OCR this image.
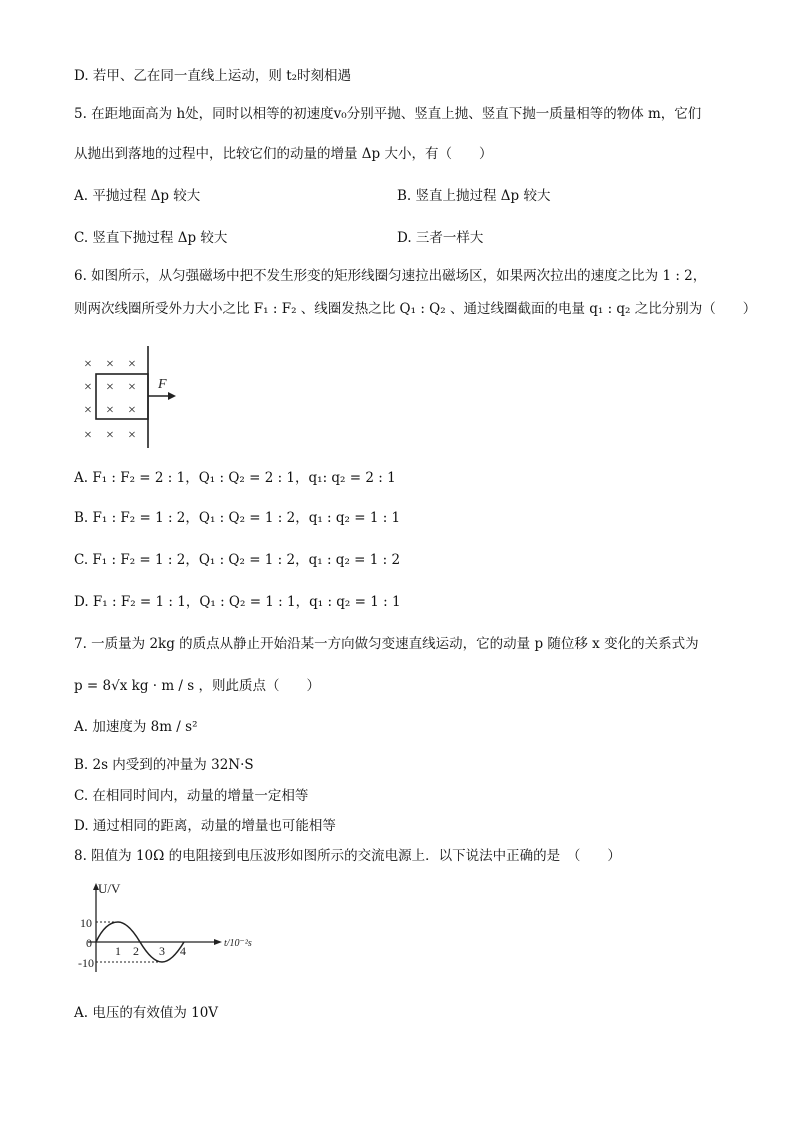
D. 若甲、乙在同一直线上运动，则 t₂时刻相遇
5. 在距地面高为 h处，同时以相等的初速度v₀分别平抛、竖直上抛、竖直下抛一质量相等的物体 m，它们
从抛出到落地的过程中，比较它们的动量的增量 Δp 大小，有（　　）
A. 平抛过程 Δp 较大	B. 竖直上抛过程 Δp 较大
C. 竖直下抛过程 Δp 较大	D. 三者一样大
6. 如图所示，从匀强磁场中把不发生形变的矩形线圈匀速拉出磁场区，如果两次拉出的速度之比为 1 : 2，
则两次线圈所受外力大小之比 F₁ : F₂ 、线圈发热之比 Q₁ : Q₂ 、通过线圈截面的电量 q₁ : q₂ 之比分别为（　　）
× × ×
× × ×
× × ×
× × ×
F
A. F₁ : F₂ = 2 : 1，Q₁ : Q₂ = 2 : 1，q₁: q₂ = 2 : 1
B. F₁ : F₂ = 1 : 2，Q₁ : Q₂ = 1 : 2，q₁ : q₂ = 1 : 1
C. F₁ : F₂ = 1 : 2，Q₁ : Q₂ = 1 : 2，q₁ : q₂ = 1 : 2
D. F₁ : F₂ = 1 : 1，Q₁ : Q₂ = 1 : 1，q₁ : q₂ = 1 : 1
7. 一质量为 2kg 的质点从静止开始沿某一方向做匀变速直线运动，它的动量 p 随位移 x 变化的关系式为
p = 8√x kg · m / s ，则此质点（　　）
A. 加速度为 8m / s²
B. 2s 内受到的冲量为 32N·S
C. 在相同时间内，动量的增量一定相等
D. 通过相同的距离，动量的增量也可能相等
8. 阻值为 10Ω 的电阻接到电压波形如图所示的交流电源上．以下说法中正确的是　（　　）
U/V
10
0
-10
1 2 3 4
t/10⁻²s
A. 电压的有效值为 10V
